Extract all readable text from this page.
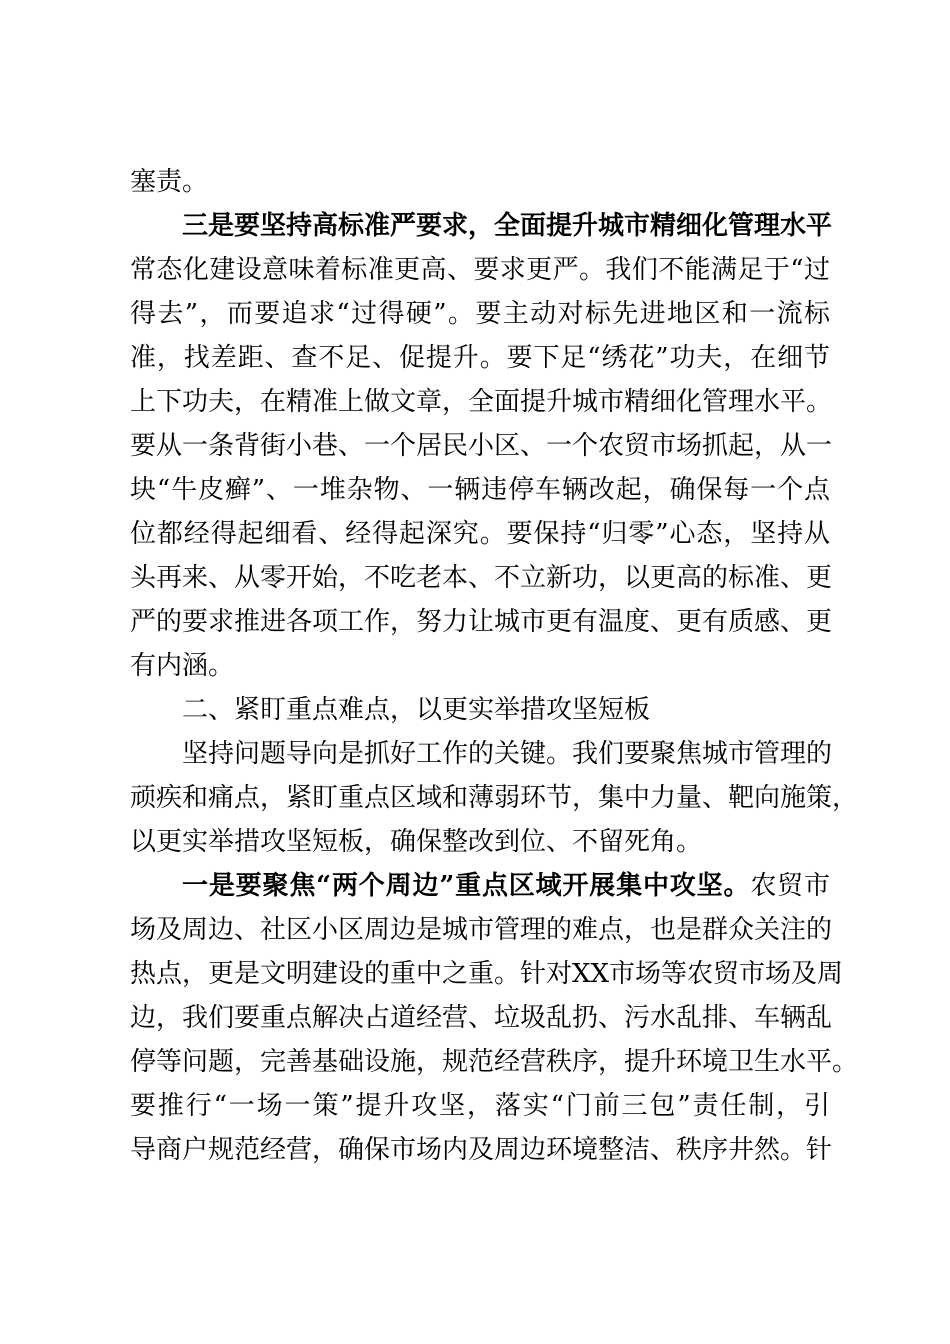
塞责。

三是要坚持高标准严要求，全面提升城市精细化管理水平

常态化建设意味着标准更高、要求更严。我们不能满足于“过

得去”，而要追求“过得硬”。要主动对标先进地区和一流标

准，找差距、查不足、促提升。要下足“绣花”功夫，在细节

上下功夫，在精准上做文章，全面提升城市精细化管理水平。

要从一条背街小巷、一个居民小区、一个农贸市场抓起，从一

块“牛皮癣”、一堆杂物、一辆违停车辆改起，确保每一个点

位都经得起细看、经得起深究。要保持“归零”心态，坚持从

头再来、从零开始，不吃老本、不立新功，以更高的标准、更

严的要求推进各项工作，努力让城市更有温度、更有质感、更

有内涵。

二、紧盯重点难点，以更实举措攻坚短板

坚持问题导向是抓好工作的关键。我们要聚焦城市管理的

顽疾和痛点，紧盯重点区域和薄弱环节，集中力量、靶向施策，

以更实举措攻坚短板，确保整改到位、不留死角。

一是要聚焦“两个周边”重点区域开展集中攻坚。农贸市

场及周边、社区小区周边是城市管理的难点，也是群众关注的

热点，更是文明建设的重中之重。针对XX市场等农贸市场及周

边，我们要重点解决占道经营、垃圾乱扔、污水乱排、车辆乱

停等问题，完善基础设施，规范经营秩序，提升环境卫生水平。

要推行“一场一策”提升攻坚，落实“门前三包”责任制，引

导商户规范经营，确保市场内及周边环境整洁、秩序井然。针
